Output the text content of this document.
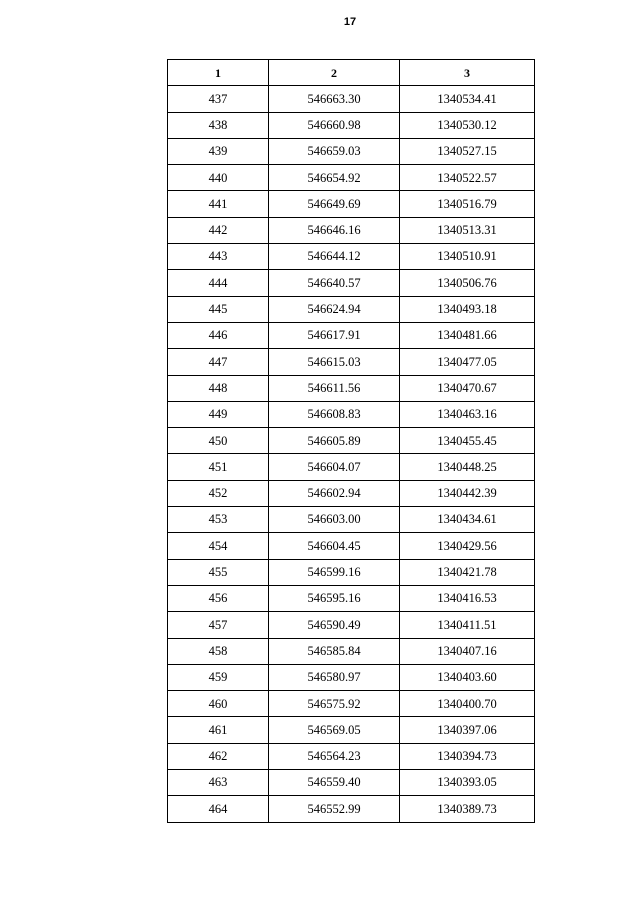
17
1	2	3
437	546663.30	1340534.41
438	546660.98	1340530.12
439	546659.03	1340527.15
440	546654.92	1340522.57
441	546649.69	1340516.79
442	546646.16	1340513.31
443	546644.12	1340510.91
444	546640.57	1340506.76
445	546624.94	1340493.18
446	546617.91	1340481.66
447	546615.03	1340477.05
448	546611.56	1340470.67
449	546608.83	1340463.16
450	546605.89	1340455.45
451	546604.07	1340448.25
452	546602.94	1340442.39
453	546603.00	1340434.61
454	546604.45	1340429.56
455	546599.16	1340421.78
456	546595.16	1340416.53
457	546590.49	1340411.51
458	546585.84	1340407.16
459	546580.97	1340403.60
460	546575.92	1340400.70
461	546569.05	1340397.06
462	546564.23	1340394.73
463	546559.40	1340393.05
464	546552.99	1340389.73
